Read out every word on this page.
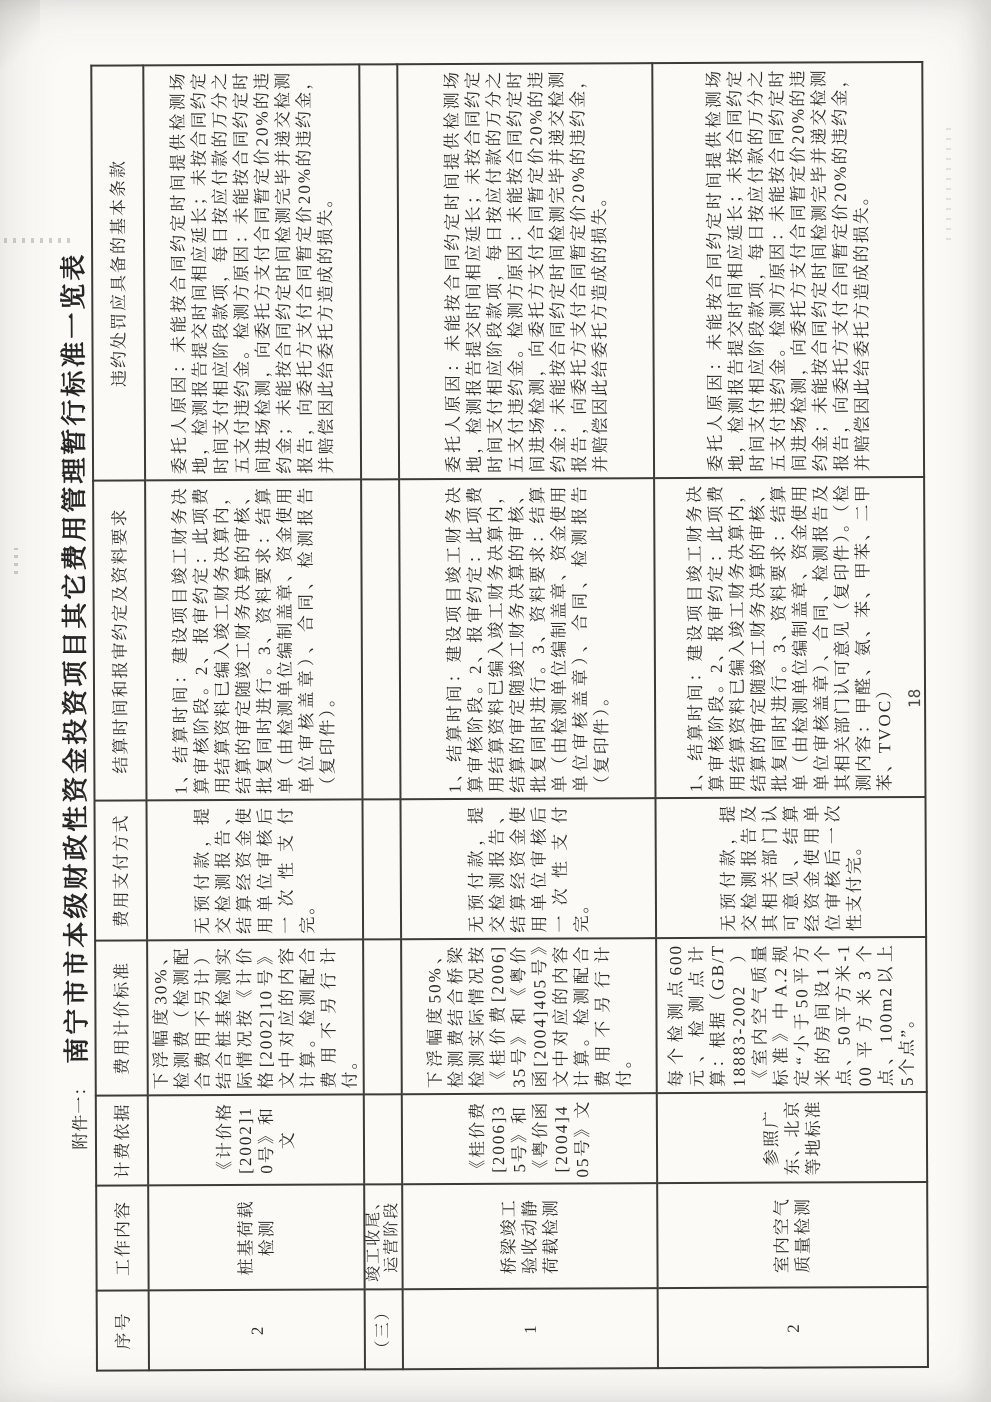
附件一：南宁市市本级财政性资金投资项目其它费用管理暂行标准一览表
序号	工作内容	计费依据	费用计价标准	费用支付方式	结算时间和报审约定及资料要求	违约处罚应具备的基本条款
2	桩基荷载检测	《计价格[2002]10号》和文	下浮幅度30%、检测费（检测配合费用不另计）结合桩基检测实际情况按《计价格[2002]10号》文中对应的内容计算。检测配合费用不另行计付。	无预付款，提交检测报告、结算经资金使用单位审核后一次性支付完。	1、结算时间：建设项目竣工财务决算审核阶段。2、报审约定：此项费用结算资料已编入竣工财务决算内，结算的审定随竣工财务决算的审核、批复同时进行。3、资料要求：结算单（由检测单位编制盖章、资金使用单位审核盖章）、合同、检测报告（复印件）。	委托人原因：未能按合同约定时间提供检测场地，检测报告提交时间相应延长；未按合同约定时间支付相应阶段款项，每日按应付款的万分之五支付违约金。检测方原因：未能按合同约定时间进场检测，向委托方支付合同暂定价20%的违约金；未能按合同约定时间检测完毕并递交检测报告，向委托方支付合同暂定价20%的违约金，并赔偿因此给委托方造成的损失。
（三）	竣工收尾、运营阶段					
1	桥梁竣工验收动静荷载检测	《桂价费[2006]35号》和《粤价函[2004]405号》文	下浮幅度50%、检测费结合桥梁检测实际情况按《桂价费[2006]35号》和《粤价函[2004]405号》文中对应的内容计算。检测配合费用不另行计付。	无预付款，提交检测报告、结算经资金使用单位审核后一次性支付完。	1、结算时间：建设项目竣工财务决算审核阶段。2、报审约定：此项费用结算资料已编入竣工财务决算内，结算的审定随竣工财务决算的审核、批复同时进行。3、资料要求：结算单（由检测单位编制盖章、资金使用单位审核盖章）、合同、检测报告（复印件）。	委托人原因：未能按合同约定时间提供检测场地，检测报告提交时间相应延长；未按合同约定时间支付相应阶段款项，每日按应付款的万分之五支付违约金。检测方原因：未能按合同约定时间进场检测，向委托方支付合同暂定价20%的违约金；未能按合同约定时间检测完毕并递交检测报告，向委托方支付合同暂定价20%的违约金，并赔偿因此给委托方造成的损失。
2	室内空气质量检测	参照广东、北京等地标准	每个检测点600元、检测点计算：根据（GB/T18883-2002）《室内空气质量标准》中A.2规定“小于50平方米的房间设1个点、50平方米-100平方米3个点、100m2以上5个点”。	无预付款，提交检测报告及其相关部门认可意见、结算经资金使用单位审核后一次性支付完。	1、结算时间：建设项目竣工财务决算审核阶段。2、报审约定：此项费用结算资料已编入竣工财务决算内，结算的审定随竣工财务决算的审核、批复同时进行。3、资料要求：结算单（由检测单位编制盖章、资金使用单位审核盖章）、合同、检测报告及其相关部门认可意见（复印件）。（检测内容：甲醛、氨、苯、甲苯、二甲苯、TVOC）	委托人原因：未能按合同约定时间提供检测场地，检测报告提交时间相应延长；未按合同约定时间支付相应阶段款项，每日按应付款的万分之五支付违约金。检测方原因：未能按合同约定时间进场检测，向委托方支付合同暂定价20%的违约金；未能按合同约定时间检测完毕并递交检测报告，向委托方支付合同暂定价20%的违约金，并赔偿因此给委托方造成的损失。
18
